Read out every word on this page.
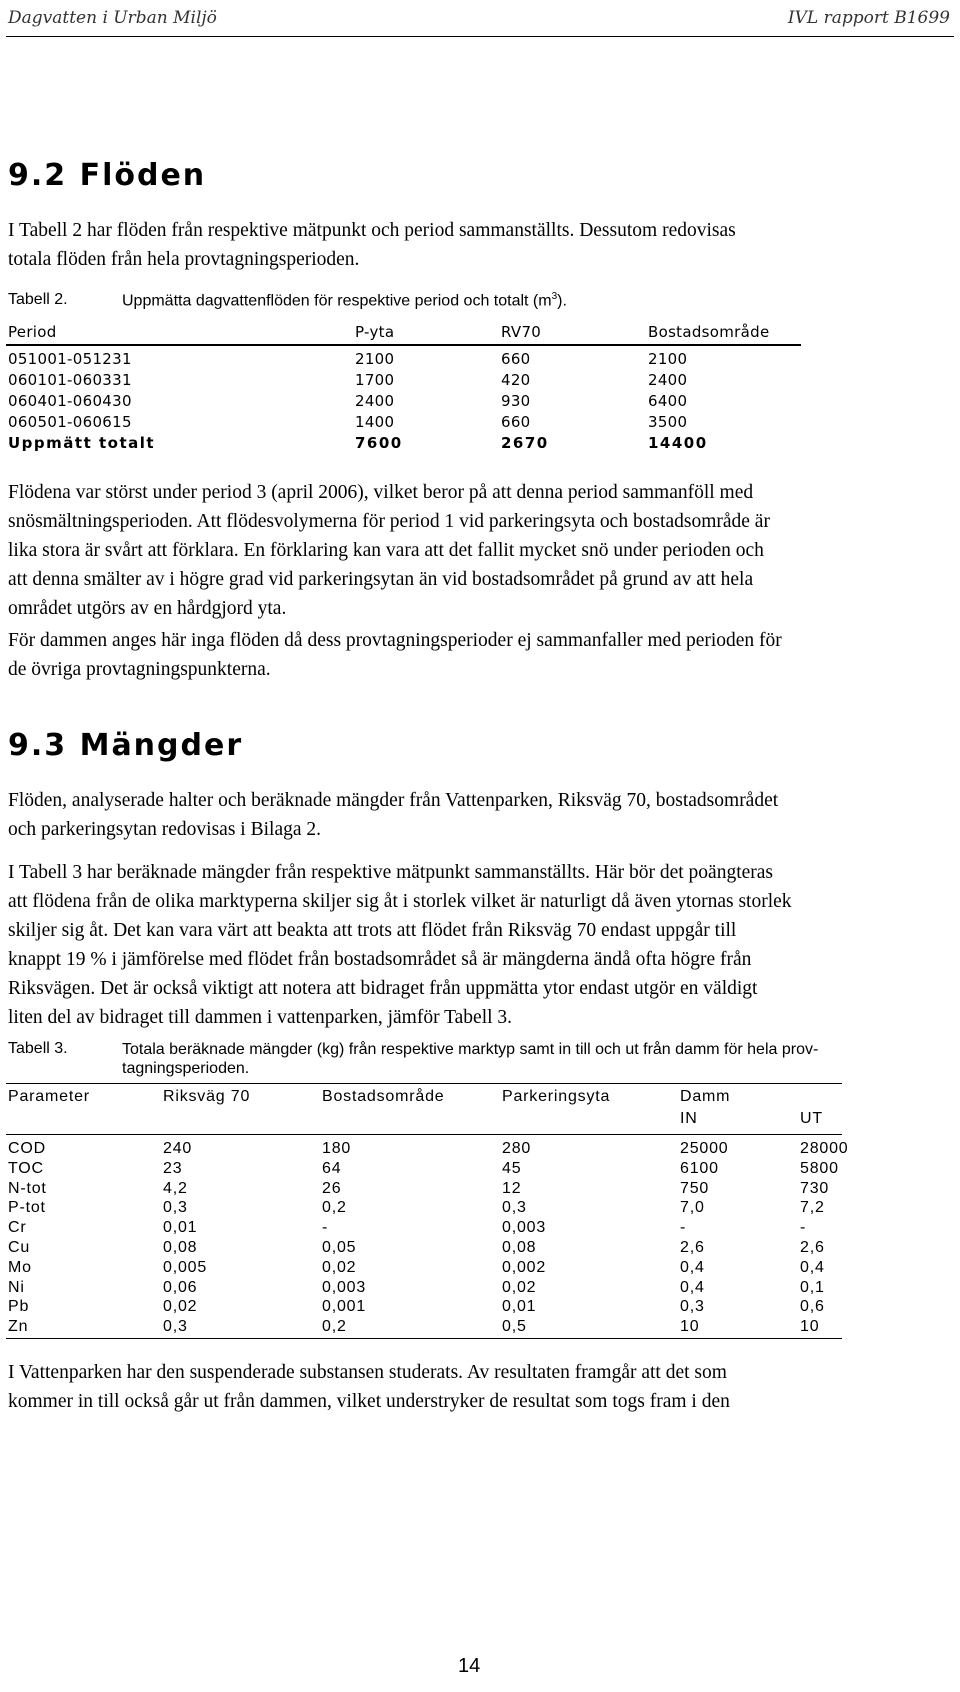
Dagvatten i Urban Miljö	IVL rapport B1699
9.2 Flöden

I Tabell 2 har flöden från respektive mätpunkt och period sammanställts. Dessutom redovisas
totala flöden från hela provtagningsperioden.

Tabell 2.	Uppmätta dagvattenflöden för respektive period och totalt $(m^3)$.
Period	P-yta	RV70	Bostadsområde
051001-051231	2100	660	2100
060101-060331	1700	420	2400
060401-060430	2400	930	6400
060501-060615	1400	660	3500
Uppmätt totalt	7600	2670	14400

Flödena var störst under period 3 (april 2006), vilket beror på att denna period sammanföll med
snösmältningsperioden. Att flödesvolymerna för period 1 vid parkeringsyta och bostadsområde är
lika stora är svårt att förklara. En förklaring kan vara att det fallit mycket snö under perioden och
att denna smälter av i högre grad vid parkeringsytan än vid bostadsområdet på grund av att hela
området utgörs av en hårdgjord yta.

För dammen anges här inga flöden då dess provtagningsperioder ej sammanfaller med perioden för
de övriga provtagningspunkterna.

9.3 Mängder

Flöden, analyserade halter och beräknade mängder från Vattenparken, Riksväg 70, bostadsområdet
och parkeringsytan redovisas i Bilaga 2.

I Tabell 3 har beräknade mängder från respektive mätpunkt sammanställts. Här bör det poängteras
att flödena från de olika marktyperna skiljer sig åt i storlek vilket är naturligt då även ytornas storlek
skiljer sig åt. Det kan vara värt att beakta att trots att flödet från Riksväg 70 endast uppgår till
knappt 19 % i jämförelse med flödet från bostadsområdet så är mängderna ändå ofta högre från
Riksvägen. Det är också viktigt att notera att bidraget från uppmätta ytor endast utgör en väldigt
liten del av bidraget till dammen i vattenparken, jämför Tabell 3.

Tabell 3.	Totala beräknade mängder (kg) från respektive marktyp samt in till och ut från damm för hela prov-
tagningsperioden.
Parameter	Riksväg 70	Bostadsområde	Parkeringsyta	Damm
IN	UT
COD	240	180	280	25000	28000
TOC	23	64	45	6100	5800
N-tot	4,2	26	12	750	730
P-tot	0,3	0,2	0,3	7,0	7,2
Cr	0,01	-	0,003	-	-
Cu	0,08	0,05	0,08	2,6	2,6
Mo	0,005	0,02	0,002	0,4	0,4
Ni	0,06	0,003	0,02	0,4	0,1
Pb	0,02	0,001	0,01	0,3	0,6
Zn	0,3	0,2	0,5	10	10

I Vattenparken har den suspenderade substansen studerats. Av resultaten framgår att det som
kommer in till också går ut från dammen, vilket understryker de resultat som togs fram i den

14
